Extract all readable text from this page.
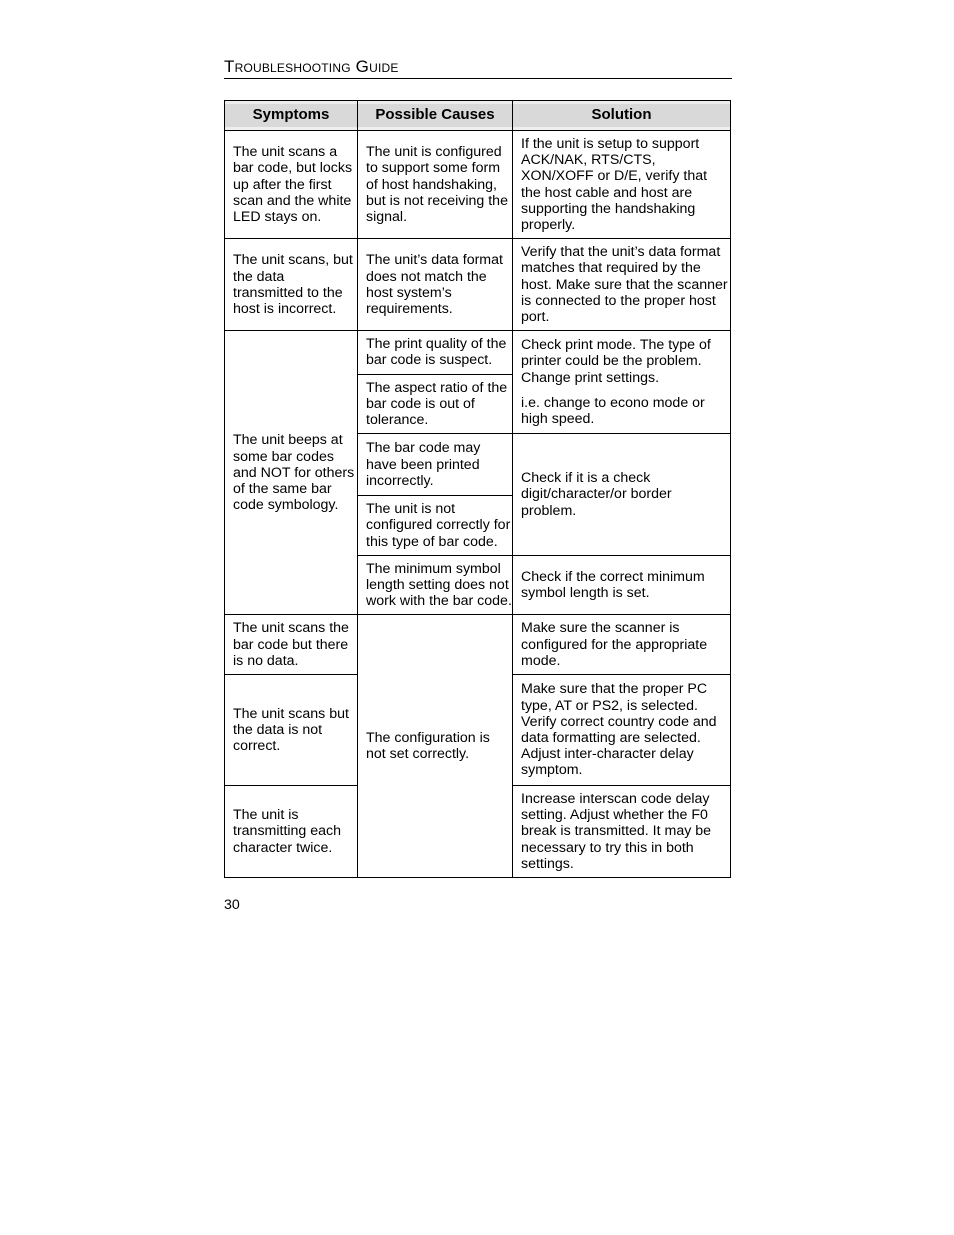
Troubleshooting Guide
Symptoms	Possible Causes	Solution
The unit scans a bar code, but locks up after the first scan and the white LED stays on.	The unit is configured to support some form of host handshaking, but is not receiving the signal.	If the unit is setup to support ACK/NAK, RTS/CTS, XON/XOFF or D/E, verify that the host cable and host are supporting the handshaking properly.
The unit scans, but the data transmitted to the host is incorrect.	The unit’s data format does not match the host system’s requirements.	Verify that the unit’s data format matches that required by the host. Make sure that the scanner is connected to the proper host port.
The unit beeps at some bar codes and NOT for others of the same bar code symbology.	The print quality of the bar code is suspect.	Check print mode. The type of printer could be the problem. Change print settings.
i.e. change to econo mode or high speed.

	The aspect ratio of the bar code is out of tolerance.	
	The bar code may have been printed incorrectly.	Check if it is a check digit/character/or border problem.
	The unit is not configured correctly for this type of bar code.	
	The minimum symbol length setting does not work with the bar code.	Check if the correct minimum symbol length is set.
The unit scans the bar code but there is no data.	The configuration is not set correctly.	Make sure the scanner is configured for the appropriate mode.
The unit scans but the data is not correct.		Make sure that the proper PC type, AT or PS2, is selected. Verify correct country code and data formatting are selected. Adjust inter-character delay symptom.
The unit is transmitting each character twice.		Increase interscan code delay setting. Adjust whether the F0 break is transmitted. It may be necessary to try this in both settings.
30
